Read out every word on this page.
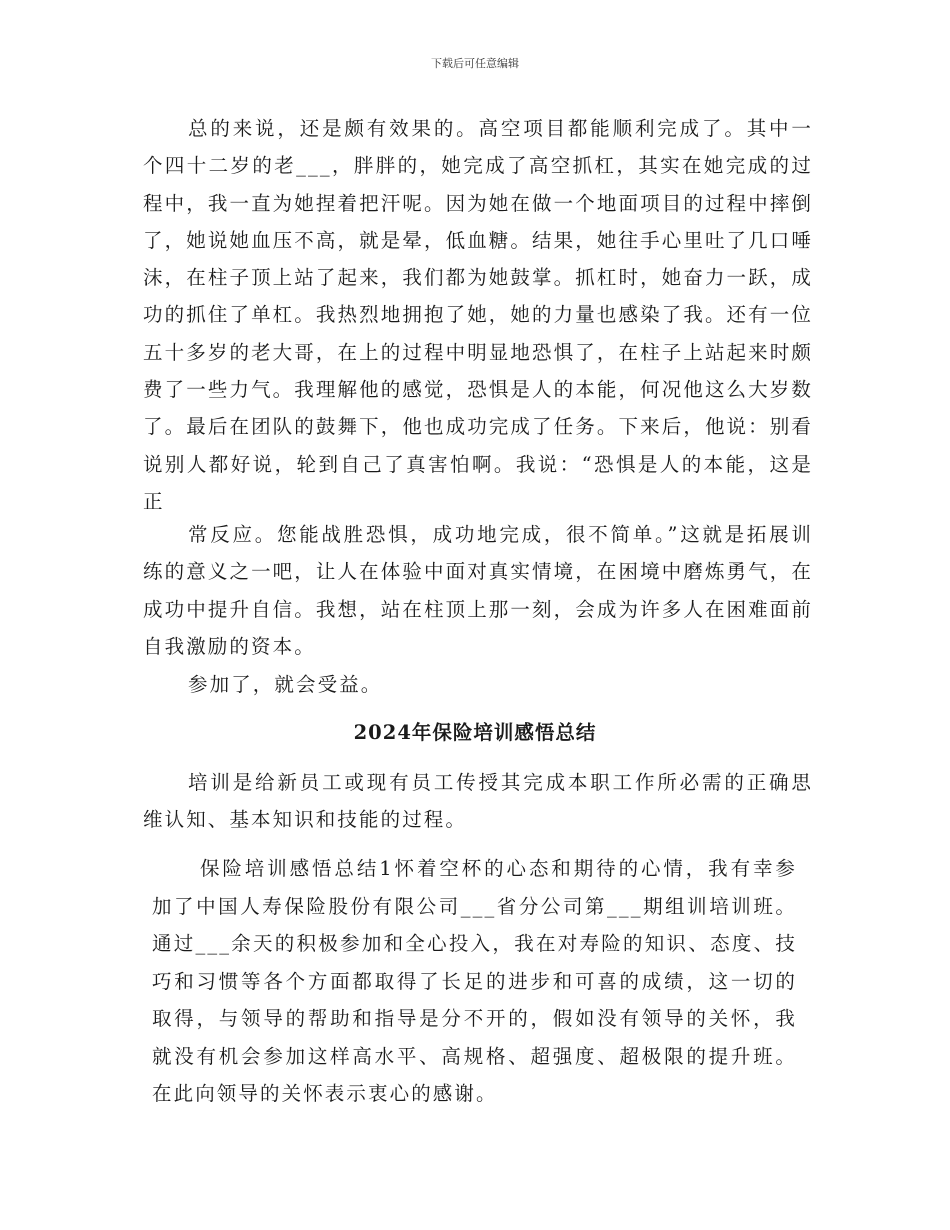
下载后可任意编辑

总的来说，还是颇有效果的。高空项目都能顺利完成了。其中一个四十二岁的老___，胖胖的，她完成了高空抓杠，其实在她完成的过程中，我一直为她捏着把汗呢。因为她在做一个地面项目的过程中摔倒了，她说她血压不高，就是晕，低血糖。结果，她往手心里吐了几口唾沫，在柱子顶上站了起来，我们都为她鼓掌。抓杠时，她奋力一跃，成功的抓住了单杠。我热烈地拥抱了她，她的力量也感染了我。还有一位五十多岁的老大哥，在上的过程中明显地恐惧了，在柱子上站起来时颇费了一些力气。我理解他的感觉，恐惧是人的本能，何况他这么大岁数了。最后在团队的鼓舞下，他也成功完成了任务。下来后，他说：别看说别人都好说，轮到自己了真害怕啊。我说：“恐惧是人的本能，这是正

常反应。您能战胜恐惧，成功地完成，很不简单。”这就是拓展训练的意义之一吧，让人在体验中面对真实情境，在困境中磨炼勇气，在成功中提升自信。我想，站在柱顶上那一刻，会成为许多人在困难面前自我激励的资本。

参加了，就会受益。

2024年保险培训感悟总结

培训是给新员工或现有员工传授其完成本职工作所必需的正确思维认知、基本知识和技能的过程。

保险培训感悟总结1怀着空杯的心态和期待的心情，我有幸参加了中国人寿保险股份有限公司___省分公司第___期组训培训班。通过___余天的积极参加和全心投入，我在对寿险的知识、态度、技巧和习惯等各个方面都取得了长足的进步和可喜的成绩，这一切的取得，与领导的帮助和指导是分不开的，假如没有领导的关怀，我就没有机会参加这样高水平、高规格、超强度、超极限的提升班。在此向领导的关怀表示衷心的感谢。
